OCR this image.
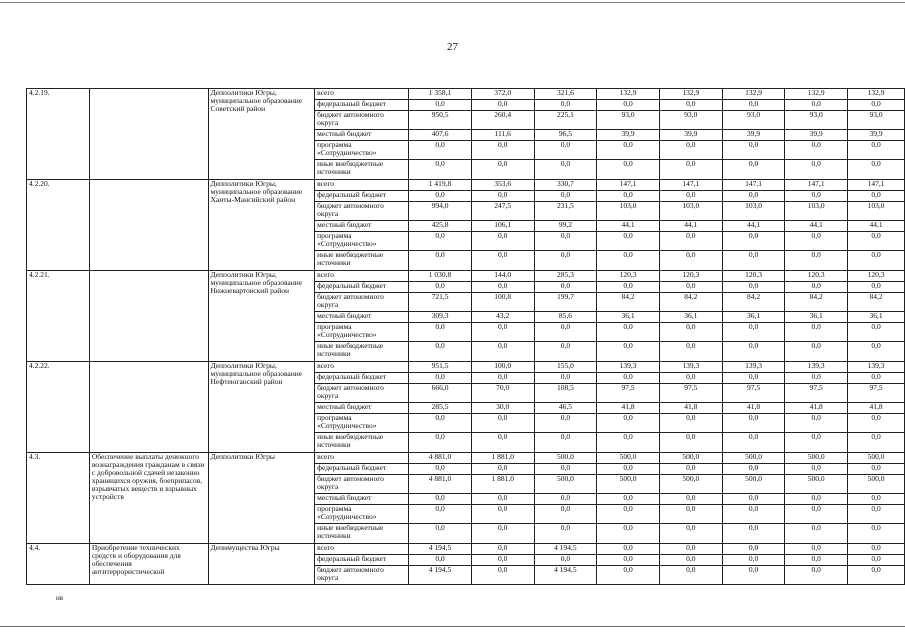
27
4.2.19.		Депполитики Югры, муниципальное образование Советский район	всего	1 358,1	372,0	321,6	132,9	132,9	132,9	132,9	132,9
			федеральный бюджет	0,0	0,0	0,0	0,0	0,0	0,0	0,0	0,0
			бюджет автономного округа	950,5	260,4	225,1	93,0	93,0	93,0	93,0	93,0
			местный бюджет	407,6	111,6	96,5	39,9	39,9	39,9	39,9	39,9
			программа «Сотрудничество»	0,0	0,0	0,0	0,0	0,0	0,0	0,0	0,0
			иные внебюджетные источники	0,0	0,0	0,0	0,0	0,0	0,0	0,0	0,0
4.2.20.		Депполитики Югры, муниципальное образование Ханты-Мансийский район	всего	1 419,8	353,6	330,7	147,1	147,1	147,1	147,1	147,1
			федеральный бюджет	0,0	0,0	0,0	0,0	0,0	0,0	0,0	0,0
			бюджет автономного округа	994,0	247,5	231,5	103,0	103,0	103,0	103,0	103,0
			местный бюджет	425,8	106,1	99,2	44,1	44,1	44,1	44,1	44,1
			программа «Сотрудничество»	0,0	0,0	0,0	0,0	0,0	0,0	0,0	0,0
			иные внебюджетные источники	0,0	0,0	0,0	0,0	0,0	0,0	0,0	0,0
4.2.21.		Депполитики Югры, муниципальное образование Нижневартовский район	всего	1 030,8	144,0	285,3	120,3	120,3	120,3	120,3	120,3
			федеральный бюджет	0,0	0,0	0,0	0,0	0,0	0,0	0,0	0,0
			бюджет автономного округа	721,5	100,8	199,7	84,2	84,2	84,2	84,2	84,2
			местный бюджет	309,3	43,2	85,6	36,1	36,1	36,1	36,1	36,1
			программа «Сотрудничество»	0,0	0,0	0,0	0,0	0,0	0,0	0,0	0,0
			иные внебюджетные источники	0,0	0,0	0,0	0,0	0,0	0,0	0,0	0,0
4.2.22.		Депполитики Югры, муниципальное образование Нефтеюганский район	всего	951,5	100,0	155,0	139,3	139,3	139,3	139,3	139,3
			федеральный бюджет	0,0	0,0	0,0	0,0	0,0	0,0	0,0	0,0
			бюджет автономного округа	666,0	70,0	108,5	97,5	97,5	97,5	97,5	97,5
			местный бюджет	285,5	30,0	46,5	41,8	41,8	41,8	41,8	41,8
			программа «Сотрудничество»	0,0	0,0	0,0	0,0	0,0	0,0	0,0	0,0
			иные внебюджетные источники	0,0	0,0	0,0	0,0	0,0	0,0	0,0	0,0
4.3.	Обеспечение выплаты денежного вознаграждения гражданам в связи с добровольной сдачей незаконно хранящихся оружия, боеприпасов, взрывчатых веществ и взрывных устройств	Депполитики Югры	всего	4 881,0	1 881,0	500,0	500,0	500,0	500,0	500,0	500,0
			федеральный бюджет	0,0	0,0	0,0	0,0	0,0	0,0	0,0	0,0
			бюджет автономного округа	4 881,0	1 881,0	500,0	500,0	500,0	500,0	500,0	500,0
			местный бюджет	0,0	0,0	0,0	0,0	0,0	0,0	0,0	0,0
			программа «Сотрудничество»	0,0	0,0	0,0	0,0	0,0	0,0	0,0	0,0
			иные внебюджетные источники	0,0	0,0	0,0	0,0	0,0	0,0	0,0	0,0
4.4.	Приобретение технических средств и оборудования для обеспечения антитеррористической	Депимущества Югры	всего	4 194,5	0,0	4 194,5	0,0	0,0	0,0	0,0	0,0
			федеральный бюджет	0,0	0,0	0,0	0,0	0,0	0,0	0,0	0,0
			бюджет автономного округа	4 194,5	0,0	4 194,5	0,0	0,0	0,0	0,0	0,0
нв
